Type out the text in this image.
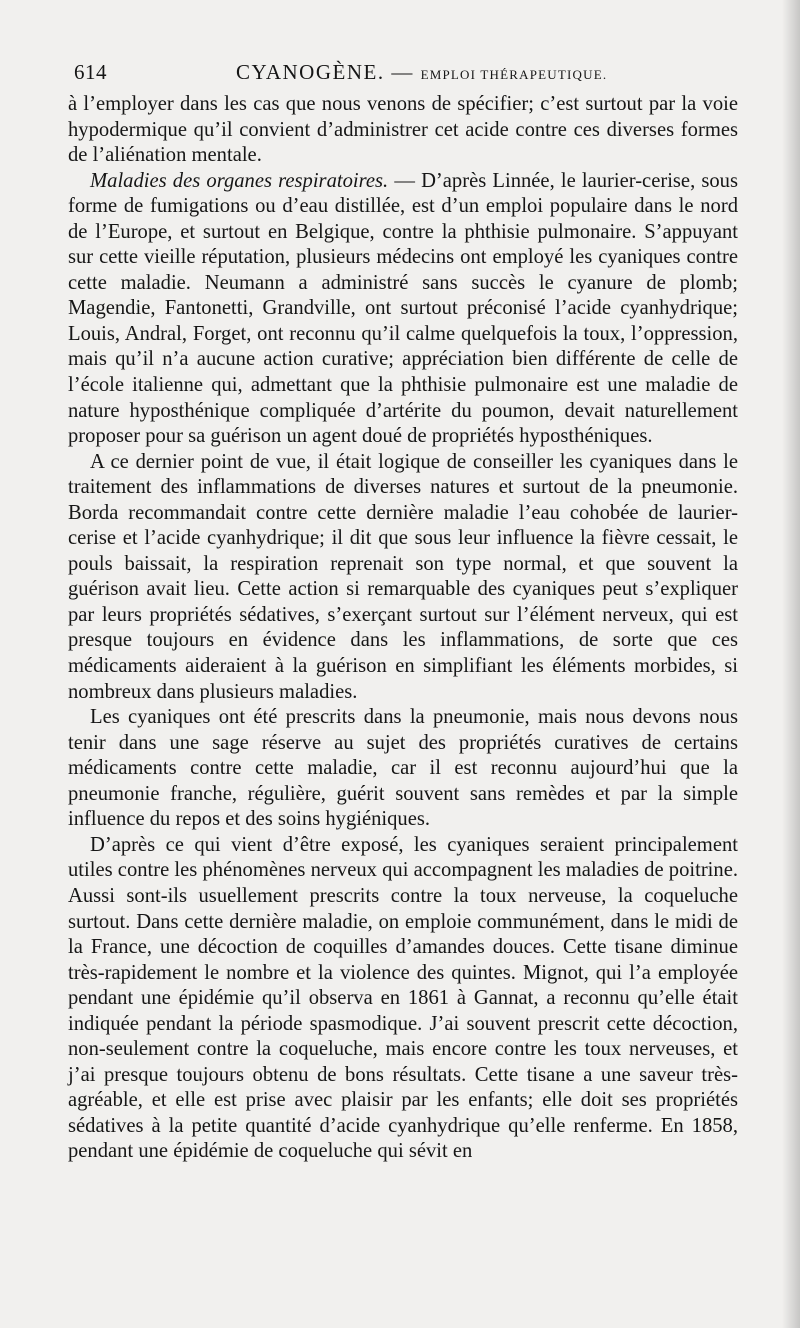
614	CYANOGÈNE. — EMPLOI THÉRAPEUTIQUE.

à l’employer dans les cas que nous venons de spécifier; c’est surtout par la voie hypodermique qu’il convient d’administrer cet acide contre ces diverses formes de l’aliénation mentale.

Maladies des organes respiratoires. — D’après Linnée, le laurier-cerise, sous forme de fumigations ou d’eau distillée, est d’un emploi populaire dans le nord de l’Europe, et surtout en Belgique, contre la phthisie pulmonaire. S’appuyant sur cette vieille réputation, plusieurs médecins ont employé les cyaniques contre cette maladie. Neumann a administré sans succès le cyanure de plomb; Magendie, Fantonetti, Grandville, ont surtout préconisé l’acide cyanhydrique; Louis, Andral, Forget, ont reconnu qu’il calme quelquefois la toux, l’oppression, mais qu’il n’a aucune action curative; appréciation bien différente de celle de l’école italienne qui, admettant que la phthisie pulmonaire est une maladie de nature hyposthénique compliquée d’artérite du poumon, devait naturellement proposer pour sa guérison un agent doué de propriétés hyposthéniques.

A ce dernier point de vue, il était logique de conseiller les cyaniques dans le traitement des inflammations de diverses natures et surtout de la pneumonie. Borda recommandait contre cette dernière maladie l’eau cohobée de laurier-cerise et l’acide cyanhydrique; il dit que sous leur influence la fièvre cessait, le pouls baissait, la respiration reprenait son type normal, et que souvent la guérison avait lieu. Cette action si remarquable des cyaniques peut s’expliquer par leurs propriétés sédatives, s’exerçant surtout sur l’élément nerveux, qui est presque toujours en évidence dans les inflammations, de sorte que ces médicaments aideraient à la guérison en simplifiant les éléments morbides, si nombreux dans plusieurs maladies.

Les cyaniques ont été prescrits dans la pneumonie, mais nous devons nous tenir dans une sage réserve au sujet des propriétés curatives de certains médicaments contre cette maladie, car il est reconnu aujourd’hui que la pneumonie franche, régulière, guérit souvent sans remèdes et par la simple influence du repos et des soins hygiéniques.

D’après ce qui vient d’être exposé, les cyaniques seraient principalement utiles contre les phénomènes nerveux qui accompagnent les maladies de poitrine. Aussi sont-ils usuellement prescrits contre la toux nerveuse, la coqueluche surtout. Dans cette dernière maladie, on emploie communément, dans le midi de la France, une décoction de coquilles d’amandes douces. Cette tisane diminue très-rapidement le nombre et la violence des quintes. Mignot, qui l’a employée pendant une épidémie qu’il observa en 1861 à Gannat, a reconnu qu’elle était indiquée pendant la période spasmodique. J’ai souvent prescrit cette décoction, non-seulement contre la coqueluche, mais encore contre les toux nerveuses, et j’ai presque toujours obtenu de bons résultats. Cette tisane a une saveur très-agréable, et elle est prise avec plaisir par les enfants; elle doit ses propriétés sédatives à la petite quantité d’acide cyanhydrique qu’elle renferme. En 1858, pendant une épidémie de coqueluche qui sévit en
